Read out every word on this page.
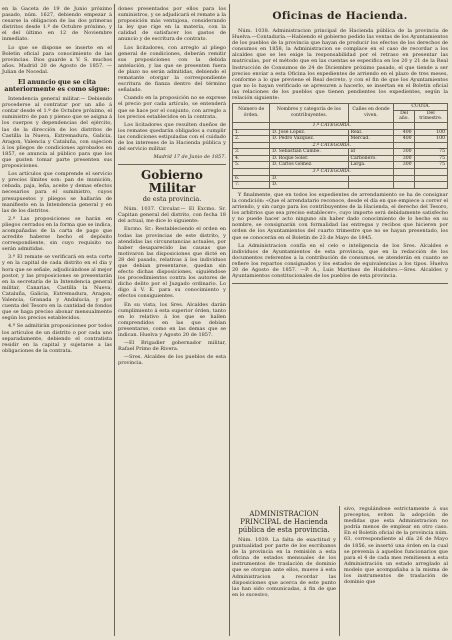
en la Gaceta de 19 de Junio próximo pasado, núm. 1627, debiendo empezar á cesarse la obligacion de las dos primeras distritos desde 1.º de Octubre próximo, y el del último en 12 de Noviembre inmediato.

Lo que se dispone se inserte en el Boletin oficial para conocimiento de las provincias. Dios guarde a V. S. muchos años. Madrid 20 de Agosto de 1857. — Julian de Nocedal.

El anuncio que se cita anteriormente es como sigue:

Intendencia general militar.— Debiendo procederse al contratar por un año á contar desde el 1.º de Octubre próximo, el suministro de pan y pienso que se asigna á los cuerpos y dependencias del ejército, las de la dirección de los distritos de Castilla la Nueva, Extremadura, Galicia, Aragon, Valencia y Cataluña, con sujecion á los pliegos de condiciones aprobados en 1857, se anuncia al público para que los que gusten tomar parte presenten sus proposiciones.

Los artículos que comprende el servicio y precios límites son: pan de munición, cebada, paja, leña, aceite y demas efectos necesarios para el suministro, cuyos presupuestos y pliegos se hallarán de manifiesto en la Intendencia general y en las de los distritos.

2.ª Las proposiciones se harán en pliegos cerrados en la forma que se indica, acompañadas de la carta de pago que acredite haberse hecho el depósito correspondiente, sin cuyo requisito no serán admitidas.

3.ª El remate se verificará en esta corte y en la capital de cada distrito en el dia y hora que se señale, adjudicándose al mejor postor, y las proposiciones se presentarán en la secretaría de la Intendencia general militar, Canarias, Castilla la Nueva, Cataluña, Galicia, Extremadura, Aragon, Valencia, Granada y Andalucía, y por cuenta del Tesoro en la cantidad de fondos que se haga preciso abonar mensualmente según los precios establecidos.

4.ª Se admitirán proposiciones por todos los artículos de un distrito o por cada uno separadamente, debiendo el contratista residir en la capital y sujetarse a las obligaciones de la contrata.

dones presentados por ellos para los suministros, y se adjudicará el remate a la proposición más ventajosa, considerando la ley que rige en la materia, con la calidad de satisfacer los gastos de anuncio y de escritura de contrato.

Los licitadores, con arreglo al pliego general de condiciones, deberán remitir sus proposiciones con la debida antelación, y las que se presenten fuera de plazo no serán admitidas, debiendo el rematante otorgar la correspondiente escritura de fianza dentro del término señalado.

Cuando en la proposición no se exprese el precio por cada artículo, se entenderá que se hace por el conjunto, con arreglo a los precios establecidos en la contrata.

Los licitadores que resulten dueños de los remates quedarán obligados a cumplir las condiciones estipuladas con el cuidado de los intereses de la Hacienda pública y del servicio militar.

Madrid 17 de Junio de 1857.
Gobierno Militar
de esta provincia.

Núm. 1037. Circular.— El Excmo. Sr. Capitan general del distrito, con fecha 18 del actual, me dice lo siguiente:

Excmo. Sr.: Restableciendo el orden en todas las provincias de este distrito, y atendidas las circunstancias actuales, por haber desaparecido las causas que motivaron las disposiciones que dicté en 28 del pasado, relativas á los individuos que debían presentarse, quedan sin efecto dichas disposiciones, siguiéndose los procedimientos contra los autores de dicho delito por el Juzgado ordinario. Lo digo á V. E. para su conocimiento y efectos consiguientes.

En su vista, los Sres. Alcaldes darán cumplimiento á esta superior órden, tanto en lo relativo á los que se hallen comprendidos en las que debían presentarse, como en las demas que se indican. Huelva y Agosto 20 de 1857.

—El Brigadier gobernador militar, Rafael Primo de Rivera.

—Sres. Alcaldes de los pueblos de esta provincia.

Oficinas de Hacienda.

Núm. 1038. Administracion principal de Hacienda pública de la provincia de Huelva.—Contaduría.—Habiendo el gobierno pedido las ventas de los Ayuntamientos de los pueblos de la provincia que hayan de producir los efectos de los derechos de consumos en 1858, la Administracion se complace en el caso de recordar a los alcaldes que se les exige la responsabilidad por el retraso en presentar las matrículas, por el método que en las cuentas se especifica en los 20 y 21 de la Real Instrucción de Consumos de 24 de Diciembre próximo pasado, el que tiende a ser preciso enviar a esta Oficina los expedientes de arriendo en el plazo de tres meses, conforme a lo que previene el Real decreto, y con el fin de que los Ayuntamientos que no lo hayan verificado se apresuren a hacerlo, se insertan en el Boletin oficial las relaciones de los pueblos que tienen pendientes los expedientes, según la relación siguiente:

Número de órden.	Nombres y categoría de los contribuyentes.	Calles en donde viven.	CUOTA.	
			Del año.	Del trimestre.
	1.ª CATEGORÍA.			
1.	D. José López.	Real.	400	100
2.	D. Pedro Vázquez.	Mercad.	400	100
	2.ª CATEGORÍA.			
3.	D. Sebastián Cambe.	id	300	75
4.	D. Roque Soler.	Carbonero.	300	75
5.	D. Carlos Gómez.	Larga.	300	75
	3.ª CATEGORÍA.			
6.	D.			
7.	D.			

Y finalmente, que en todos los expedientes de arrendamiento se ha de consignar la condición: «Que el arrendatario reconoce, desde el día en que empiece a correr el arriendo, y sin cargo para los contribuyentes de la Hacienda, el derecho del Tesoro, los arbitrios que sea preciso establecer», cuyo importe será debidamente satisfecho y no puede hacer acto ninguno sin haber dado conocimiento de lo hecho en su nombre, se consignarán con formalidad las entregas y recibos que hicieren por orden de los Ayuntamientos del cuarto trimestre que no se hayan presentado, los que se conocerán en el Boletín de 23 de Mayo de 1845.

La Administracion confía en el celo e inteligencia de los Sres. Alcaldes e individuos de Ayuntamientos de esta provincia, que en la redacción de los documentos referentes a la contribución de consumos, se atenderán en cuanto se refiere los repartos consignados y los estados de equivalencias a los tipos. Huelva 20 de Agosto de 1857. —P. A., Luis Martínez de Huidobro.—Sres. Alcaldes y Ayuntamientos constitucionales de los pueblos de esta provincia.

ADMINISTRACION PRINCIPAL de Hacienda pública de esta provincia.

Núm. 1039. La falta de exactitud y puntualidad por parte de los escribanos de la provincia en la remisión a esta oficina de estados mensuales de los instrumentos de traslación de dominio que se otorgan ante ellos, mueve á esta Administracion a recordar las disposiciones que acerca de este punto las han sido comunicadas, á fin de que en lo sucesivo,

sivo, regulándose estrictamente á sus preceptos, eviten la adopción de medidas que esta Administracion no podría menos de emplear en otro caso. En el Boletín oficial de la provincia núm. 63, correspondiente al día 26 de Mayo de 1856, se insertó una órden en la cual se prevenía á aquellos funcionarios que para el 4 de cada mes remitiesen a esta Administración un estado arreglado al modelo que acompañaba a la misma de los instrumentos de traslación de dominio que
